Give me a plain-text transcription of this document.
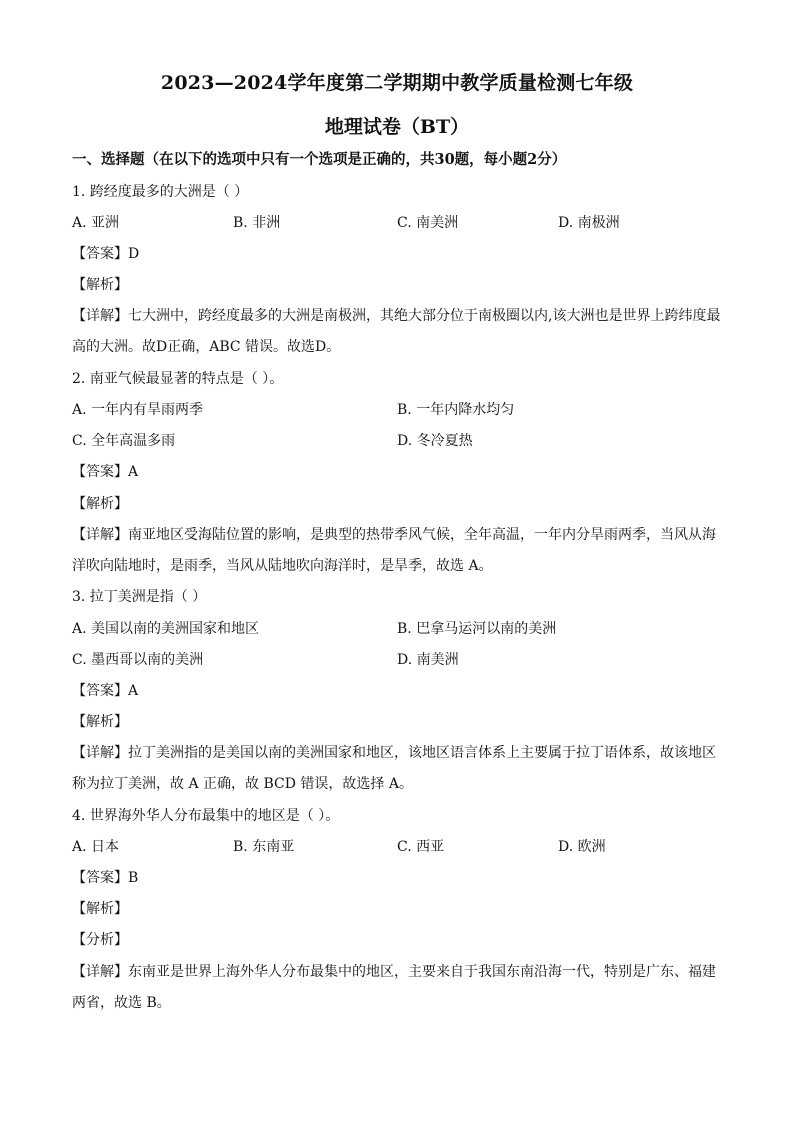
2023—2024学年度第二学期期中教学质量检测七年级
地理试卷（BT）
一、选择题（在以下的选项中只有一个选项是正确的，共30题，每小题2分）
1. 跨经度最多的大洲是（ ）
A. 亚洲	B. 非洲	C. 南美洲	D. 南极洲
【答案】D
【解析】
【详解】七大洲中，跨经度最多的大洲是南极洲，其绝大部分位于南极圈以内,该大洲也是世界上跨纬度最
高的大洲。故D正确，ABC 错误。故选D。
2. 南亚气候最显著的特点是（ ）。
A. 一年内有旱雨两季	B. 一年内降水均匀
C. 全年高温多雨	D. 冬冷夏热
【答案】A
【解析】
【详解】南亚地区受海陆位置的影响，是典型的热带季风气候，全年高温，一年内分旱雨两季，当风从海
洋吹向陆地时，是雨季，当风从陆地吹向海洋时，是旱季，故选 A。
3. 拉丁美洲是指（ ）
A. 美国以南的美洲国家和地区	B. 巴拿马运河以南的美洲
C. 墨西哥以南的美洲	D. 南美洲
【答案】A
【解析】
【详解】拉丁美洲指的是美国以南的美洲国家和地区，该地区语言体系上主要属于拉丁语体系，故该地区
称为拉丁美洲，故 A 正确，故 BCD 错误，故选择 A。
4. 世界海外华人分布最集中的地区是（ ）。
A. 日本	B. 东南亚	C. 西亚	D. 欧洲
【答案】B
【解析】
【分析】
【详解】东南亚是世界上海外华人分布最集中的地区，主要来自于我国东南沿海一代，特别是广东、福建
两省，故选 B。
